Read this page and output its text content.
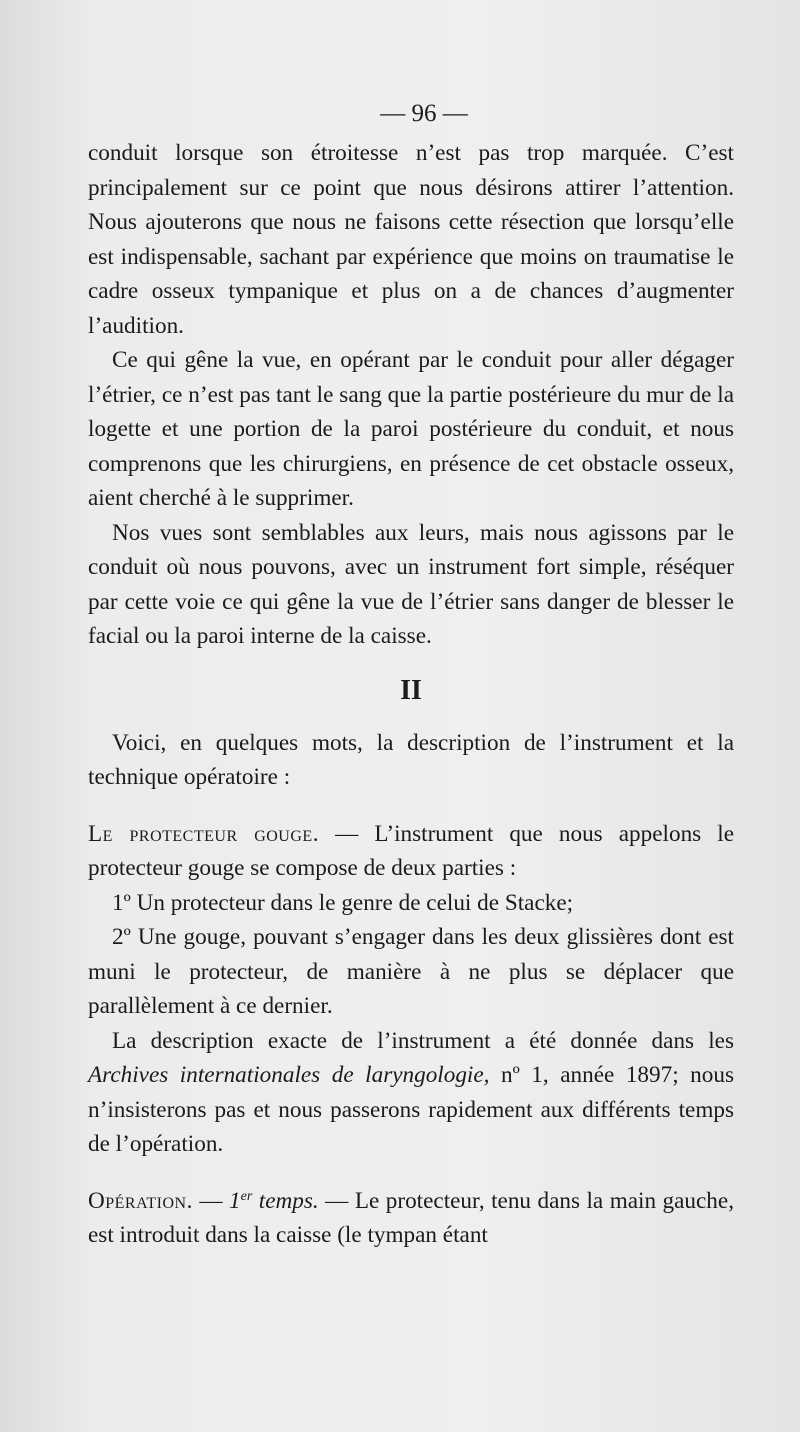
— 96 —

conduit lorsque son étroitesse n’est pas trop marquée. C’est principalement sur ce point que nous désirons attirer l’attention. Nous ajouterons que nous ne faisons cette résection que lorsqu’elle est indispensable, sachant par expérience que moins on traumatise le cadre osseux tympanique et plus on a de chances d’augmenter l’audition.

Ce qui gêne la vue, en opérant par le conduit pour aller dégager l’étrier, ce n’est pas tant le sang que la partie postérieure du mur de la logette et une portion de la paroi postérieure du conduit, et nous comprenons que les chirurgiens, en présence de cet obstacle osseux, aient cherché à le supprimer.

Nos vues sont semblables aux leurs, mais nous agissons par le conduit où nous pouvons, avec un instrument fort simple, réséquer par cette voie ce qui gêne la vue de l’étrier sans danger de blesser le facial ou la paroi interne de la caisse.

II

Voici, en quelques mots, la description de l’instrument et la technique opératoire :

Le protecteur gouge. — L’instrument que nous appelons le protecteur gouge se compose de deux parties :

1º Un protecteur dans le genre de celui de Stacke;

2º Une gouge, pouvant s’engager dans les deux glissières dont est muni le protecteur, de manière à ne plus se déplacer que parallèlement à ce dernier.

La description exacte de l’instrument a été donnée dans les Archives internationales de laryngologie, nº 1, année 1897; nous n’insisterons pas et nous passerons rapidement aux différents temps de l’opération.

Opération. — 1er temps. — Le protecteur, tenu dans la main gauche, est introduit dans la caisse (le tympan étant
